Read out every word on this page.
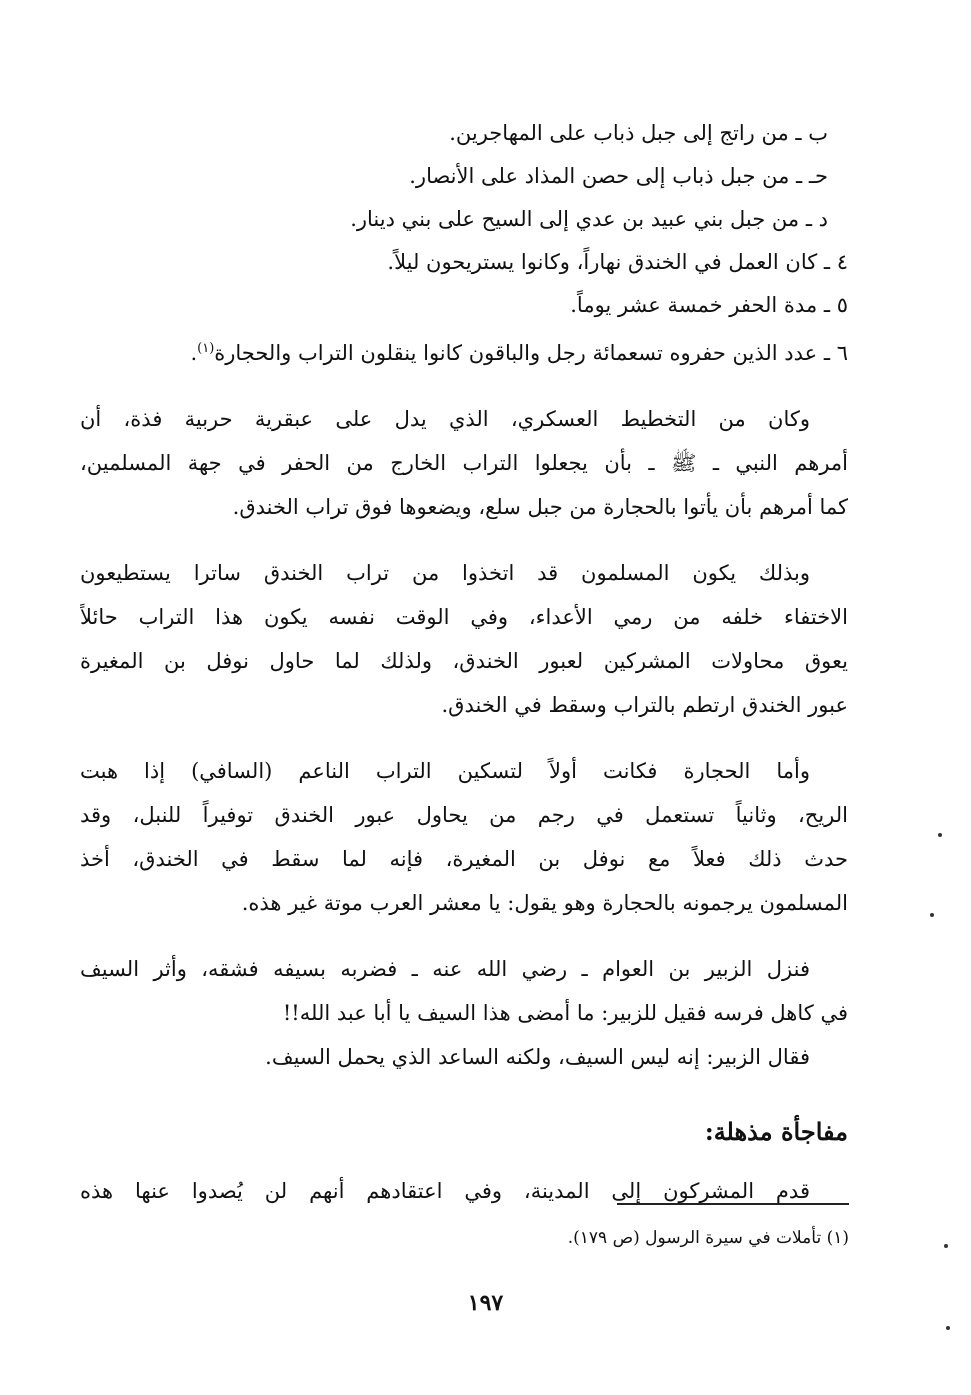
ب ـ من راتج إلى جبل ذباب على المهاجرين.
حـ ـ من جبل ذباب إلى حصن المذاد على الأنصار.
د ـ من جبل بني عبيد بن عدي إلى السيح على بني دينار.
٤ ـ كان العمل في الخندق نهاراً، وكانوا يستريحون ليلاً.
٥ ـ مدة الحفر خمسة عشر يوماً.
٦ ـ عدد الذين حفروه تسعمائة رجل والباقون كانوا ينقلون التراب والحجارة$^{(١)}$.
وكان من التخطيط العسكري، الذي يدل على عبقرية حربية فذة، أن
أمرهم النبي ـ ﷺ ـ بأن يجعلوا التراب الخارج من الحفر في جهة المسلمين،
كما أمرهم بأن يأتوا بالحجارة من جبل سلع، ويضعوها فوق تراب الخندق.
وبذلك يكون المسلمون قد اتخذوا من تراب الخندق ساترا يستطيعون
الاختفاء خلفه من رمي الأعداء، وفي الوقت نفسه يكون هذا التراب حائلاً
يعوق محاولات المشركين لعبور الخندق، ولذلك لما حاول نوفل بن المغيرة
عبور الخندق ارتطم بالتراب وسقط في الخندق.
وأما الحجارة فكانت أولاً لتسكين التراب الناعم (السافي) إذا هبت
الريح، وثانياً تستعمل في رجم من يحاول عبور الخندق توفيراً للنبل، وقد
حدث ذلك فعلاً مع نوفل بن المغيرة، فإنه لما سقط في الخندق، أخذ
المسلمون يرجمونه بالحجارة وهو يقول: يا معشر العرب موتة غير هذه.
فنزل الزبير بن العوام ـ رضي الله عنه ـ فضربه بسيفه فشقه، وأثر السيف
في كاهل فرسه فقيل للزبير: ما أمضى هذا السيف يا أبا عبد الله!!
فقال الزبير: إنه ليس السيف، ولكنه الساعد الذي يحمل السيف.
مفاجأة مذهلة:
قدم المشركون إلى المدينة، وفي اعتقادهم أنهم لن يُصدوا عنها هذه
(١) تأملات في سيرة الرسول (ص ١٧٩).
١٩٧
